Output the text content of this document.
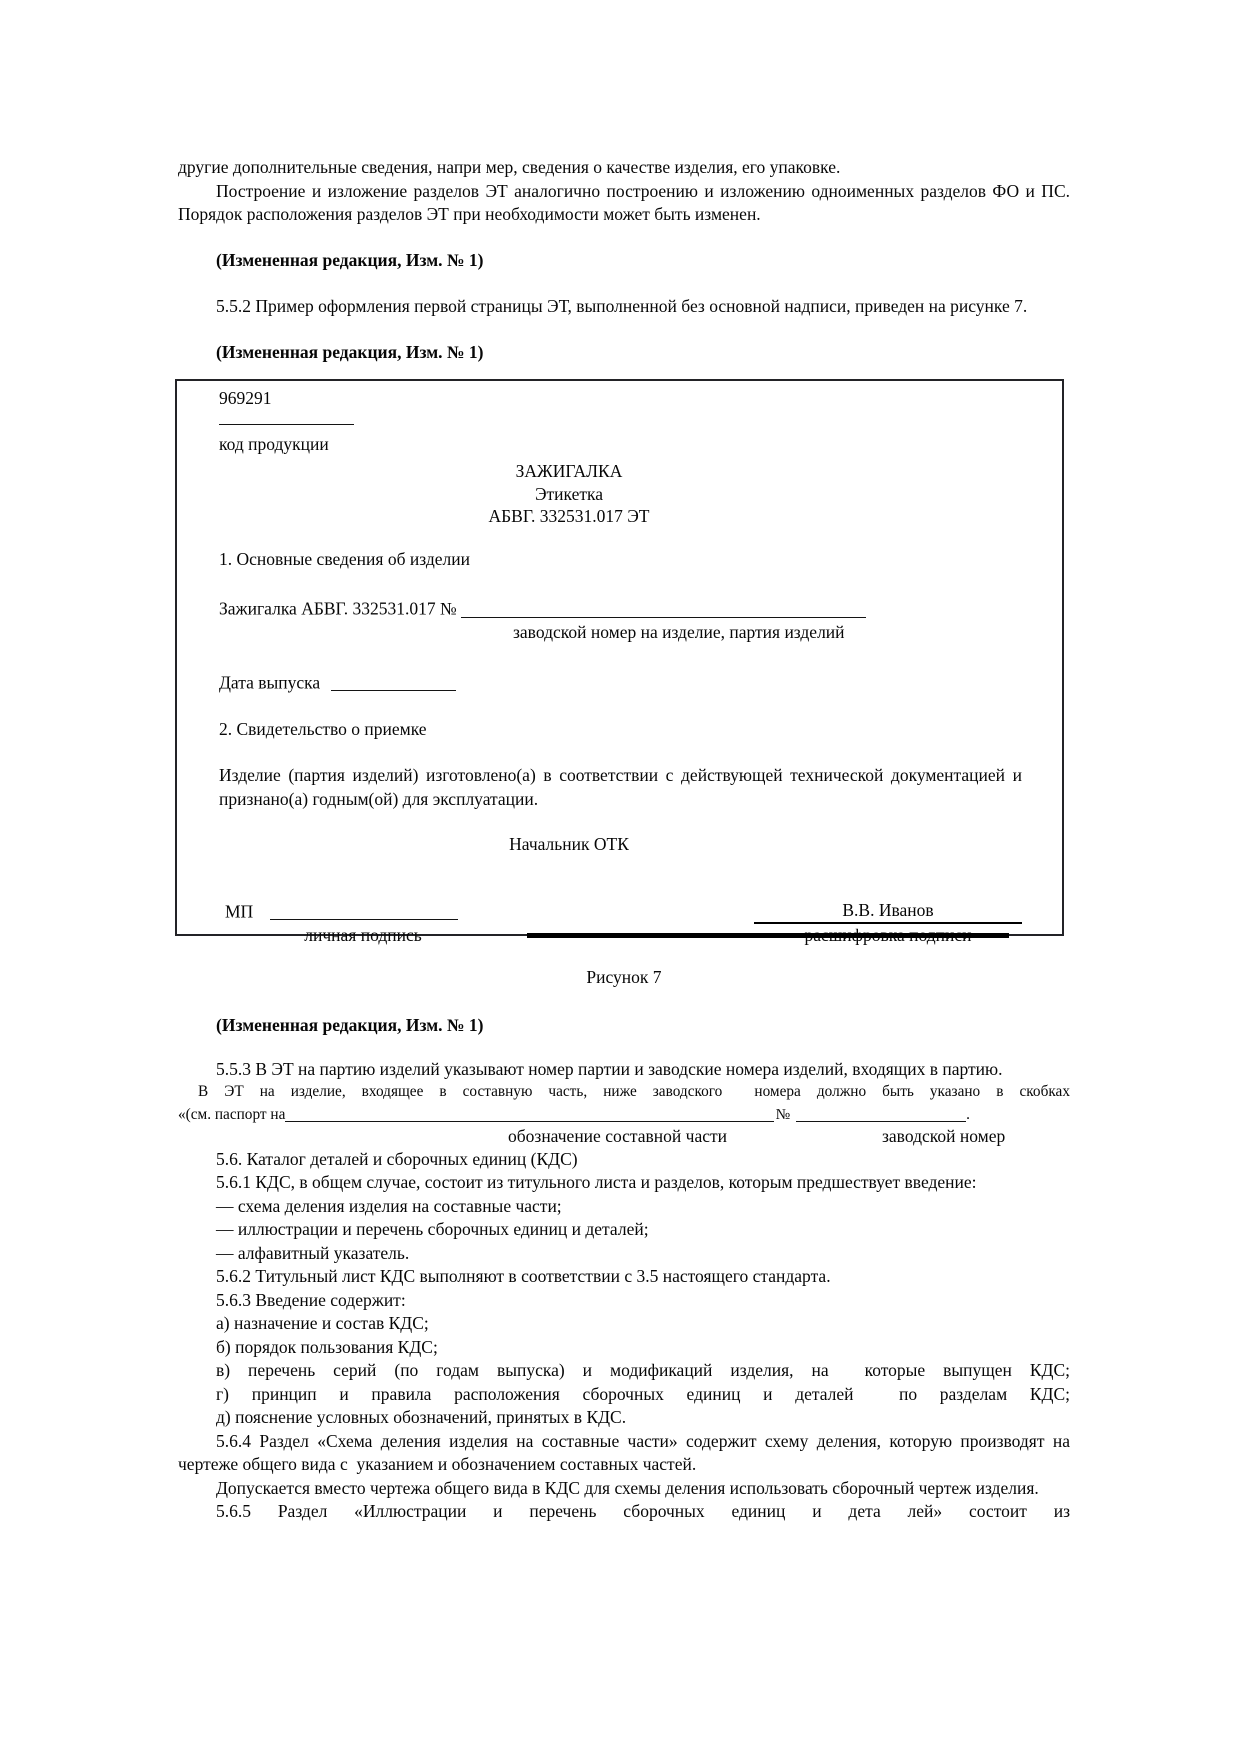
другие дополнительные сведения, напри мер, сведения о качестве изделия, его упаковке.
Построение и изложение разделов ЭТ аналогично построению и изложению одноименных разделов ФО и ПС. Порядок расположения разделов ЭТ при необходимости может быть изменен.
(Измененная редакция, Изм. № 1)
5.5.2 Пример оформления первой страницы ЭТ, выполненной без основной надписи, приведен на рисунке 7.
(Измененная редакция, Изм. № 1)
969291
код продукции
ЗАЖИГАЛКА
Этикетка
АБВГ. 332531.017 ЭТ
1. Основные сведения об изделии
Зажигалка АБВГ. 332531.017 №
заводской номер на изделие, партия изделий
Дата выпуска
2. Свидетельство о приемке
Изделие (партия изделий) изготовлено(а) в соответствии с действующей технической документацией и признано(а) годным(ой) для эксплуатации.
Начальник ОТК
МП
личная подпись
В.В. Иванов
Рисунок 7
(Измененная редакция, Изм. № 1)
5.5.3 В ЭТ на партию изделий указывают номер партии и заводские номера изделий, входящих в партию.
В ЭТ на изделие, входящее в составную часть, ниже заводского  номера должно быть указано в скобках
«(см. паспорт на	№	.
обозначение составной части	заводской номер
5.6. Каталог деталей и сборочных единиц (КДС)
5.6.1 КДС, в общем случае, состоит из титульного листа и разделов, которым предшествует введение:
— схема деления изделия на составные части;
— иллюстрации и перечень сборочных единиц и деталей;
— алфавитный указатель.
5.6.2 Титульный лист КДС выполняют в соответствии с 3.5 настоящего стандарта.
5.6.3 Введение содержит:
а) назначение и состав КДС;
б) порядок пользования КДС;
в) перечень серий (по годам выпуска) и модификаций изделия, на  которые выпущен КДС;
г) принцип и правила расположения сборочных единиц и деталей  по разделам КДС;
д) пояснение условных обозначений, принятых в КДС.
5.6.4 Раздел «Схема деления изделия на составные части» содержит схему деления, которую производят на чертеже общего вида с  указанием и обозначением составных частей.
Допускается вместо чертежа общего вида в КДС для схемы деления использовать сборочный чертеж изделия.
5.6.5 Раздел «Иллюстрации и перечень сборочных единиц и дета лей» состоит из
